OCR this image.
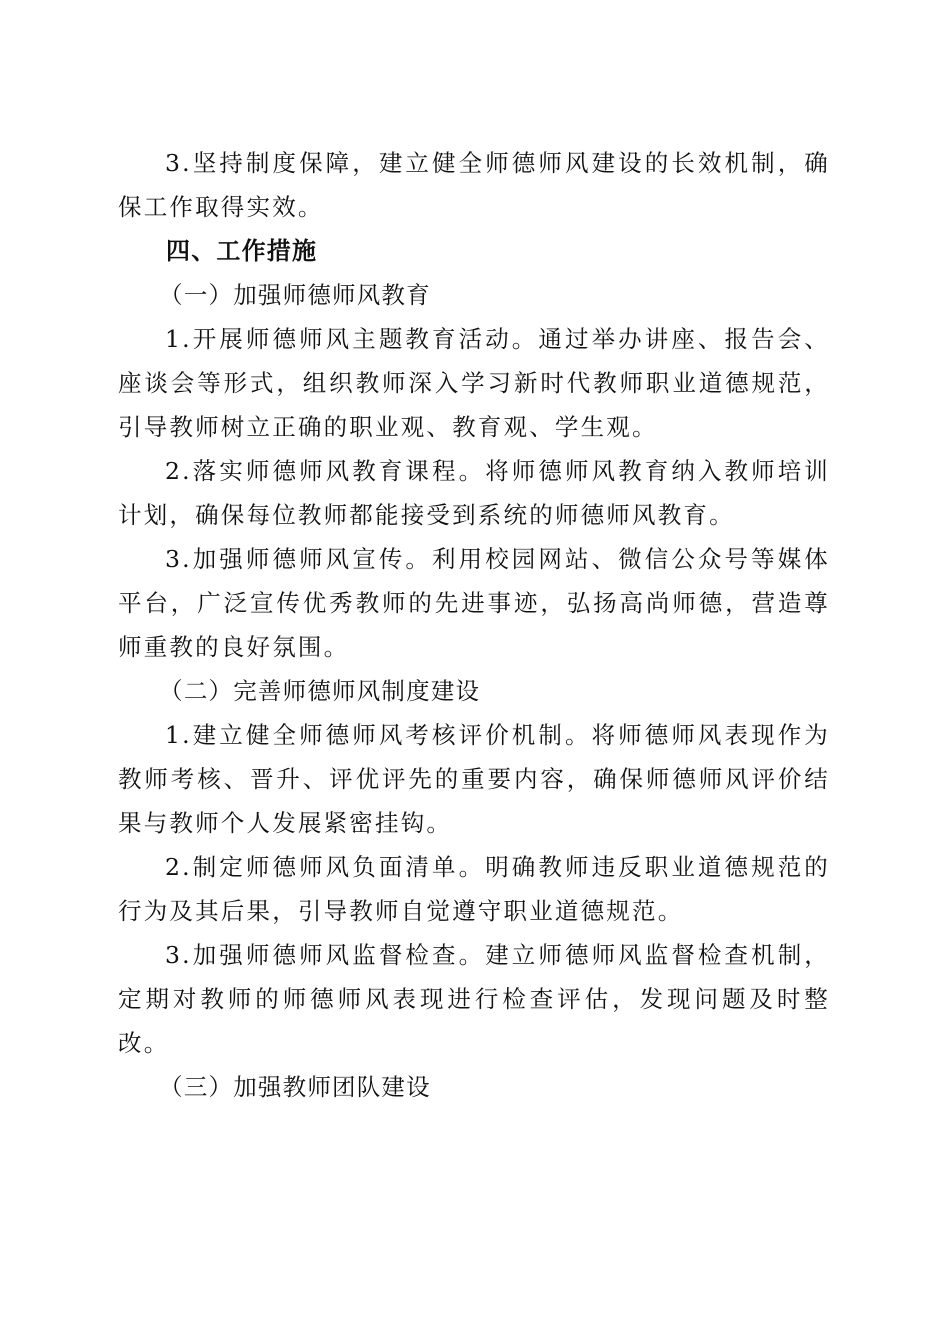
3.坚持制度保障，建立健全师德师风建设的长效机制，确保工作取得实效。

四、工作措施

（一）加强师德师风教育

1.开展师德师风主题教育活动。通过举办讲座、报告会、座谈会等形式，组织教师深入学习新时代教师职业道德规范，引导教师树立正确的职业观、教育观、学生观。

2.落实师德师风教育课程。将师德师风教育纳入教师培训计划，确保每位教师都能接受到系统的师德师风教育。

3.加强师德师风宣传。利用校园网站、微信公众号等媒体平台，广泛宣传优秀教师的先进事迹，弘扬高尚师德，营造尊师重教的良好氛围。

（二）完善师德师风制度建设

1.建立健全师德师风考核评价机制。将师德师风表现作为教师考核、晋升、评优评先的重要内容，确保师德师风评价结果与教师个人发展紧密挂钩。

2.制定师德师风负面清单。明确教师违反职业道德规范的行为及其后果，引导教师自觉遵守职业道德规范。

3.加强师德师风监督检查。建立师德师风监督检查机制，定期对教师的师德师风表现进行检查评估，发现问题及时整改。

（三）加强教师团队建设
